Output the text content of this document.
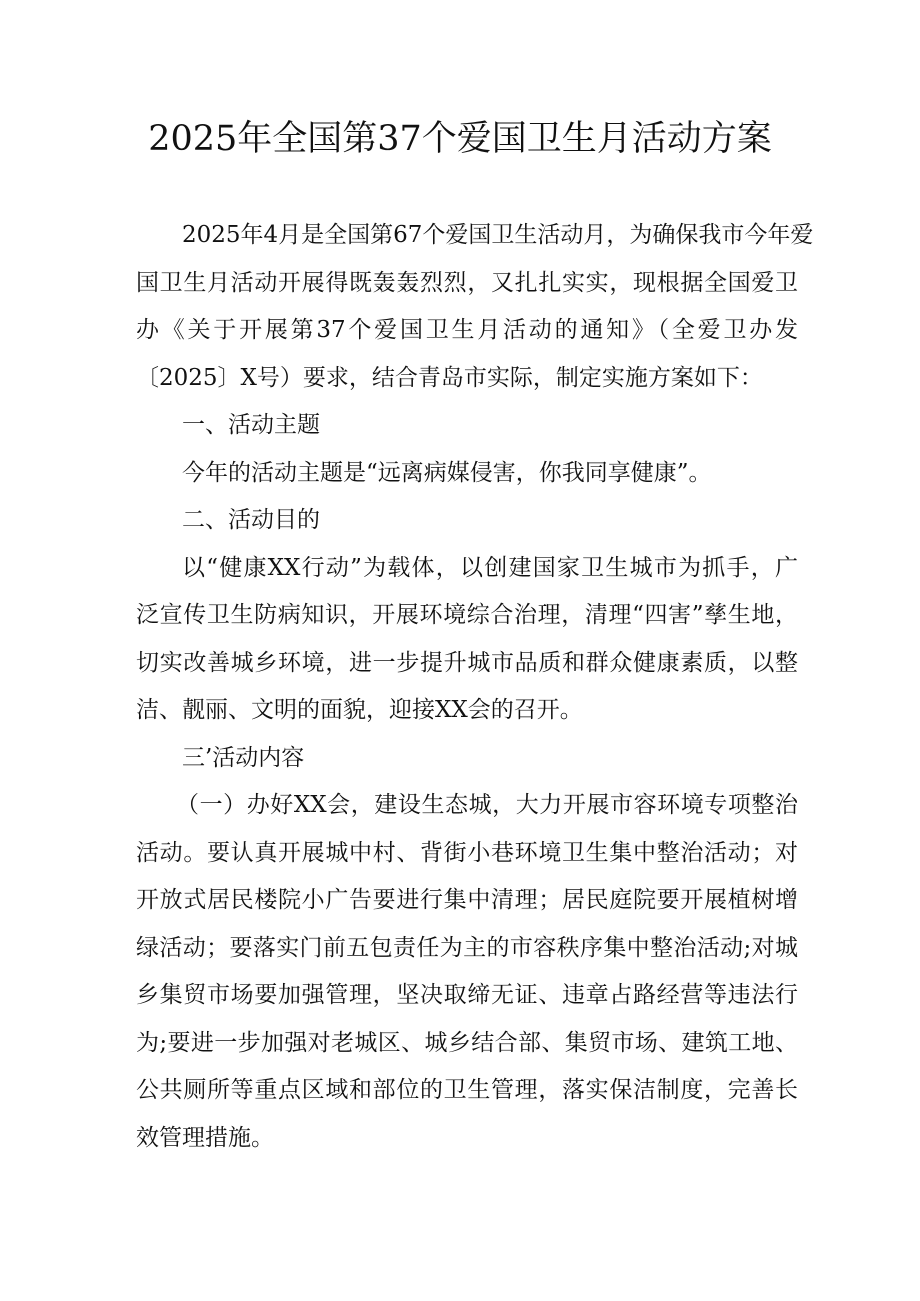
2025年全国第37个爱国卫生月活动方案
2025年4月是全国第67个爱国卫生活动月，为确保我市今年爱
国卫生月活动开展得既轰轰烈烈，又扎扎实实，现根据全国爱卫
办《关于开展第37个爱国卫生月活动的通知》（全爱卫办发
〔2025〕X号）要求，结合青岛市实际，制定实施方案如下：
一、活动主题
今年的活动主题是“远离病媒侵害，你我同享健康”。
二、活动目的
以“健康XX行动”为载体，以创建国家卫生城市为抓手，广
泛宣传卫生防病知识，开展环境综合治理，清理“四害”孳生地，
切实改善城乡环境，进一步提升城市品质和群众健康素质，以整
洁、靓丽、文明的面貌，迎接XX会的召开。
三’活动内容
（一）办好XX会，建设生态城，大力开展市容环境专项整治
活动。要认真开展城中村、背街小巷环境卫生集中整治活动；对
开放式居民楼院小广告要进行集中清理；居民庭院要开展植树增
绿活动；要落实门前五包责任为主的市容秩序集中整治活动;对城
乡集贸市场要加强管理，坚决取缔无证、违章占路经营等违法行
为;要进一步加强对老城区、城乡结合部、集贸市场、建筑工地、
公共厕所等重点区域和部位的卫生管理，落实保洁制度，完善长
效管理措施。
